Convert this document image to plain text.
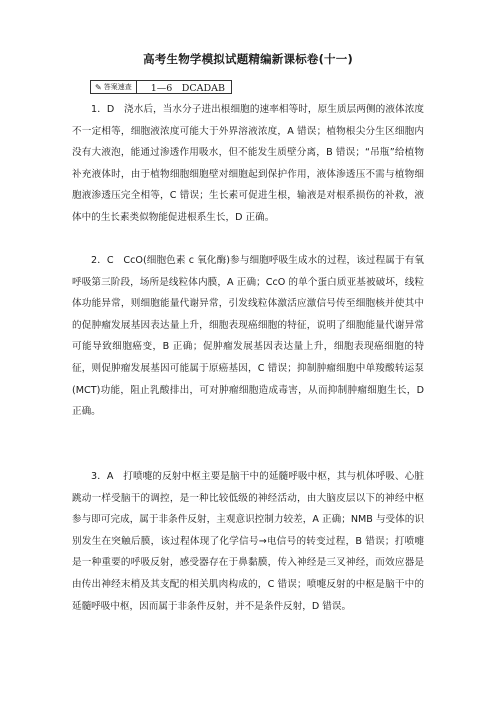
高考生物学模拟试题精编新课标卷(十一)
✎ 答案速查	1—6　DCADAB

1．D　浇水后，当水分子进出根细胞的速率相等时，原生质层两侧的液体浓度不一定相等，细胞液浓度可能大于外界溶液浓度，A 错误；植物根尖分生区细胞内没有大液泡，能通过渗透作用吸水，但不能发生质壁分离，B 错误；“吊瓶”给植物补充液体时，由于植物细胞细胞壁对细胞起到保护作用，液体渗透压不需与植物细胞液渗透压完全相等，C 错误；生长素可促进生根，输液是对根系损伤的补救，液体中的生长素类似物能促进根系生长，D 正确。

2．C　CcO(细胞色素 c 氧化酶)参与细胞呼吸生成水的过程，该过程属于有氧呼吸第三阶段，场所是线粒体内膜，A 正确；CcO 的单个蛋白质亚基被破坏，线粒体功能异常，则细胞能量代谢异常，引发线粒体激活应激信号传至细胞核并使其中的促肿瘤发展基因表达量上升，细胞表现癌细胞的特征，说明了细胞能量代谢异常可能导致细胞癌变，B 正确；促肿瘤发展基因表达量上升，细胞表现癌细胞的特征，则促肿瘤发展基因可能属于原癌基因，C 错误；抑制肿瘤细胞中单羧酸转运泵(MCT)功能，阻止乳酸排出，可对肿瘤细胞造成毒害，从而抑制肿瘤细胞生长，D 正确。

3．A　打喷嚏的反射中枢主要是脑干中的延髓呼吸中枢，其与机体呼吸、心脏跳动一样受脑干的调控，是一种比较低级的神经活动，由大脑皮层以下的神经中枢参与即可完成，属于非条件反射，主观意识控制力较差，A 正确；NMB 与受体的识别发生在突触后膜，该过程体现了化学信号→电信号的转变过程，B 错误；打喷嚏是一种重要的呼吸反射，感受器存在于鼻黏膜，传入神经是三叉神经，而效应器是由传出神经末梢及其支配的相关肌肉构成的，C 错误；喷嚏反射的中枢是脑干中的延髓呼吸中枢，因而属于非条件反射，并不是条件反射，D 错误。
